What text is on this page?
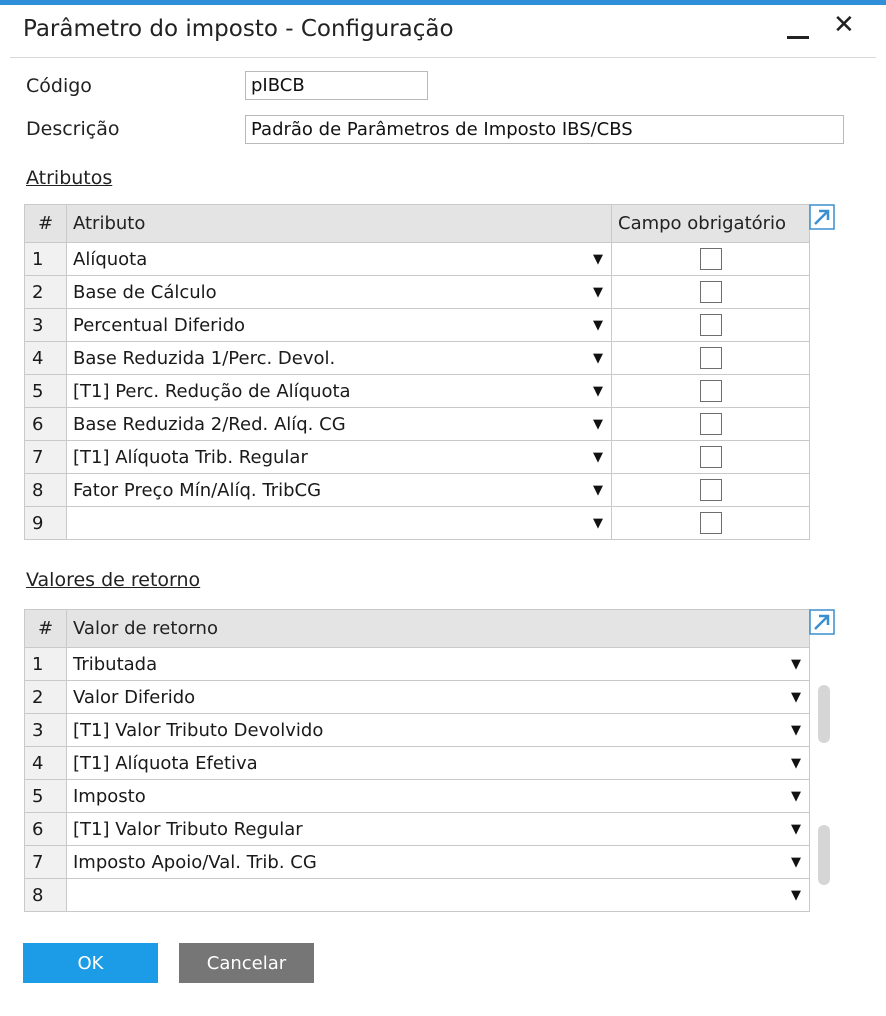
Parâmetro do imposto - Configuração	✕
Código
pIBCB
Descrição
Padrão de Parâmetros de Imposto IBS/CBS
Atributos
#	Atributo	Campo obrigatório
1	Alíquota ▼	

2	Base de Cálculo ▼	

3	Percentual Diferido ▼	

4	Base Reduzida 1/Perc. Devol. ▼	

5	[T1] Perc. Redução de Alíquota ▼	

6	Base Reduzida 2/Red. Alíq. CG ▼	

7	[T1] Alíquota Trib. Regular ▼	

8	Fator Preço Mín/Alíq. TribCG ▼	

9	▼	

Valores de retorno
#	Valor de retorno
1	Tributada ▼

2	Valor Diferido ▼

3	[T1] Valor Tributo Devolvido ▼

4	[T1] Alíquota Efetiva ▼

5	Imposto ▼

6	[T1] Valor Tributo Regular ▼

7	Imposto Apoio/Val. Trib. CG ▼

8	▼
OK	Cancelar
